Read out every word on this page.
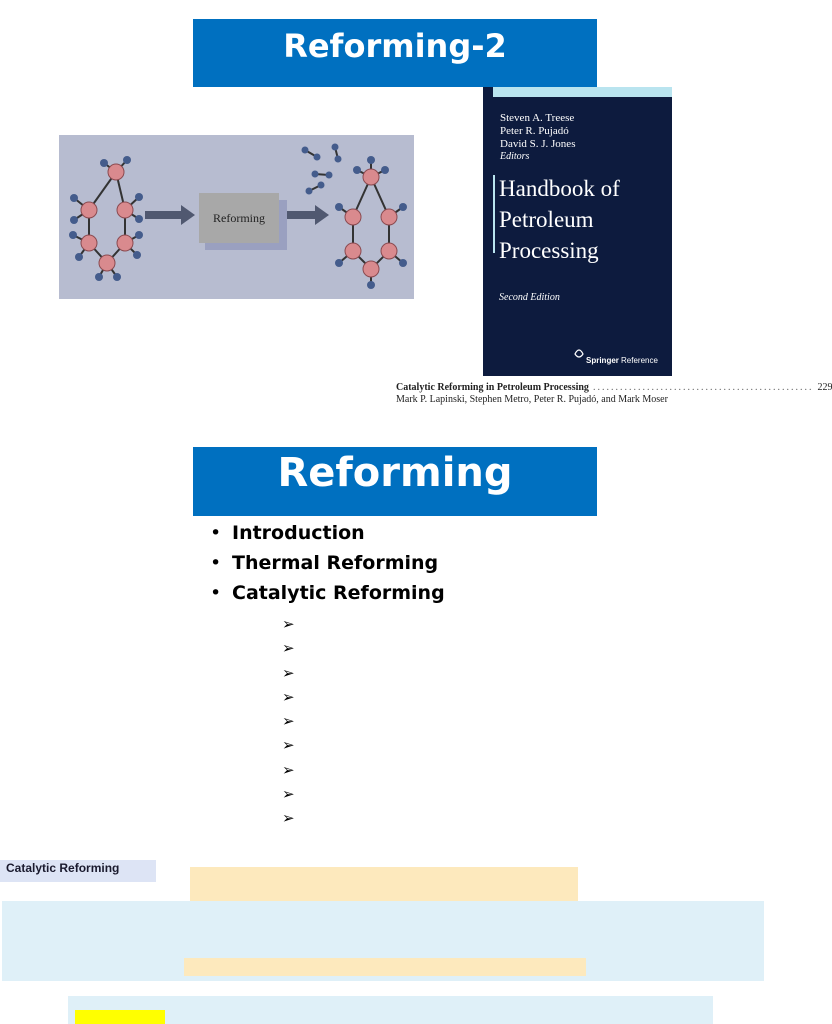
Reforming-2
Reforming
Steven A. Treese
Peter R. Pujadó
David S. J. Jones
Editors
Handbook of
Petroleum
Processing
Second Edition
Springer Reference
Catalytic Reforming in Petroleum Processing ................................................. 229
Mark P. Lapinski, Stephen Metro, Peter R. Pujadó, and Mark Moser
Reforming
• Introduction
• Thermal Reforming
• Catalytic Reforming
➢
➢
➢
➢
➢
➢
➢
➢
➢
Catalytic Reforming
